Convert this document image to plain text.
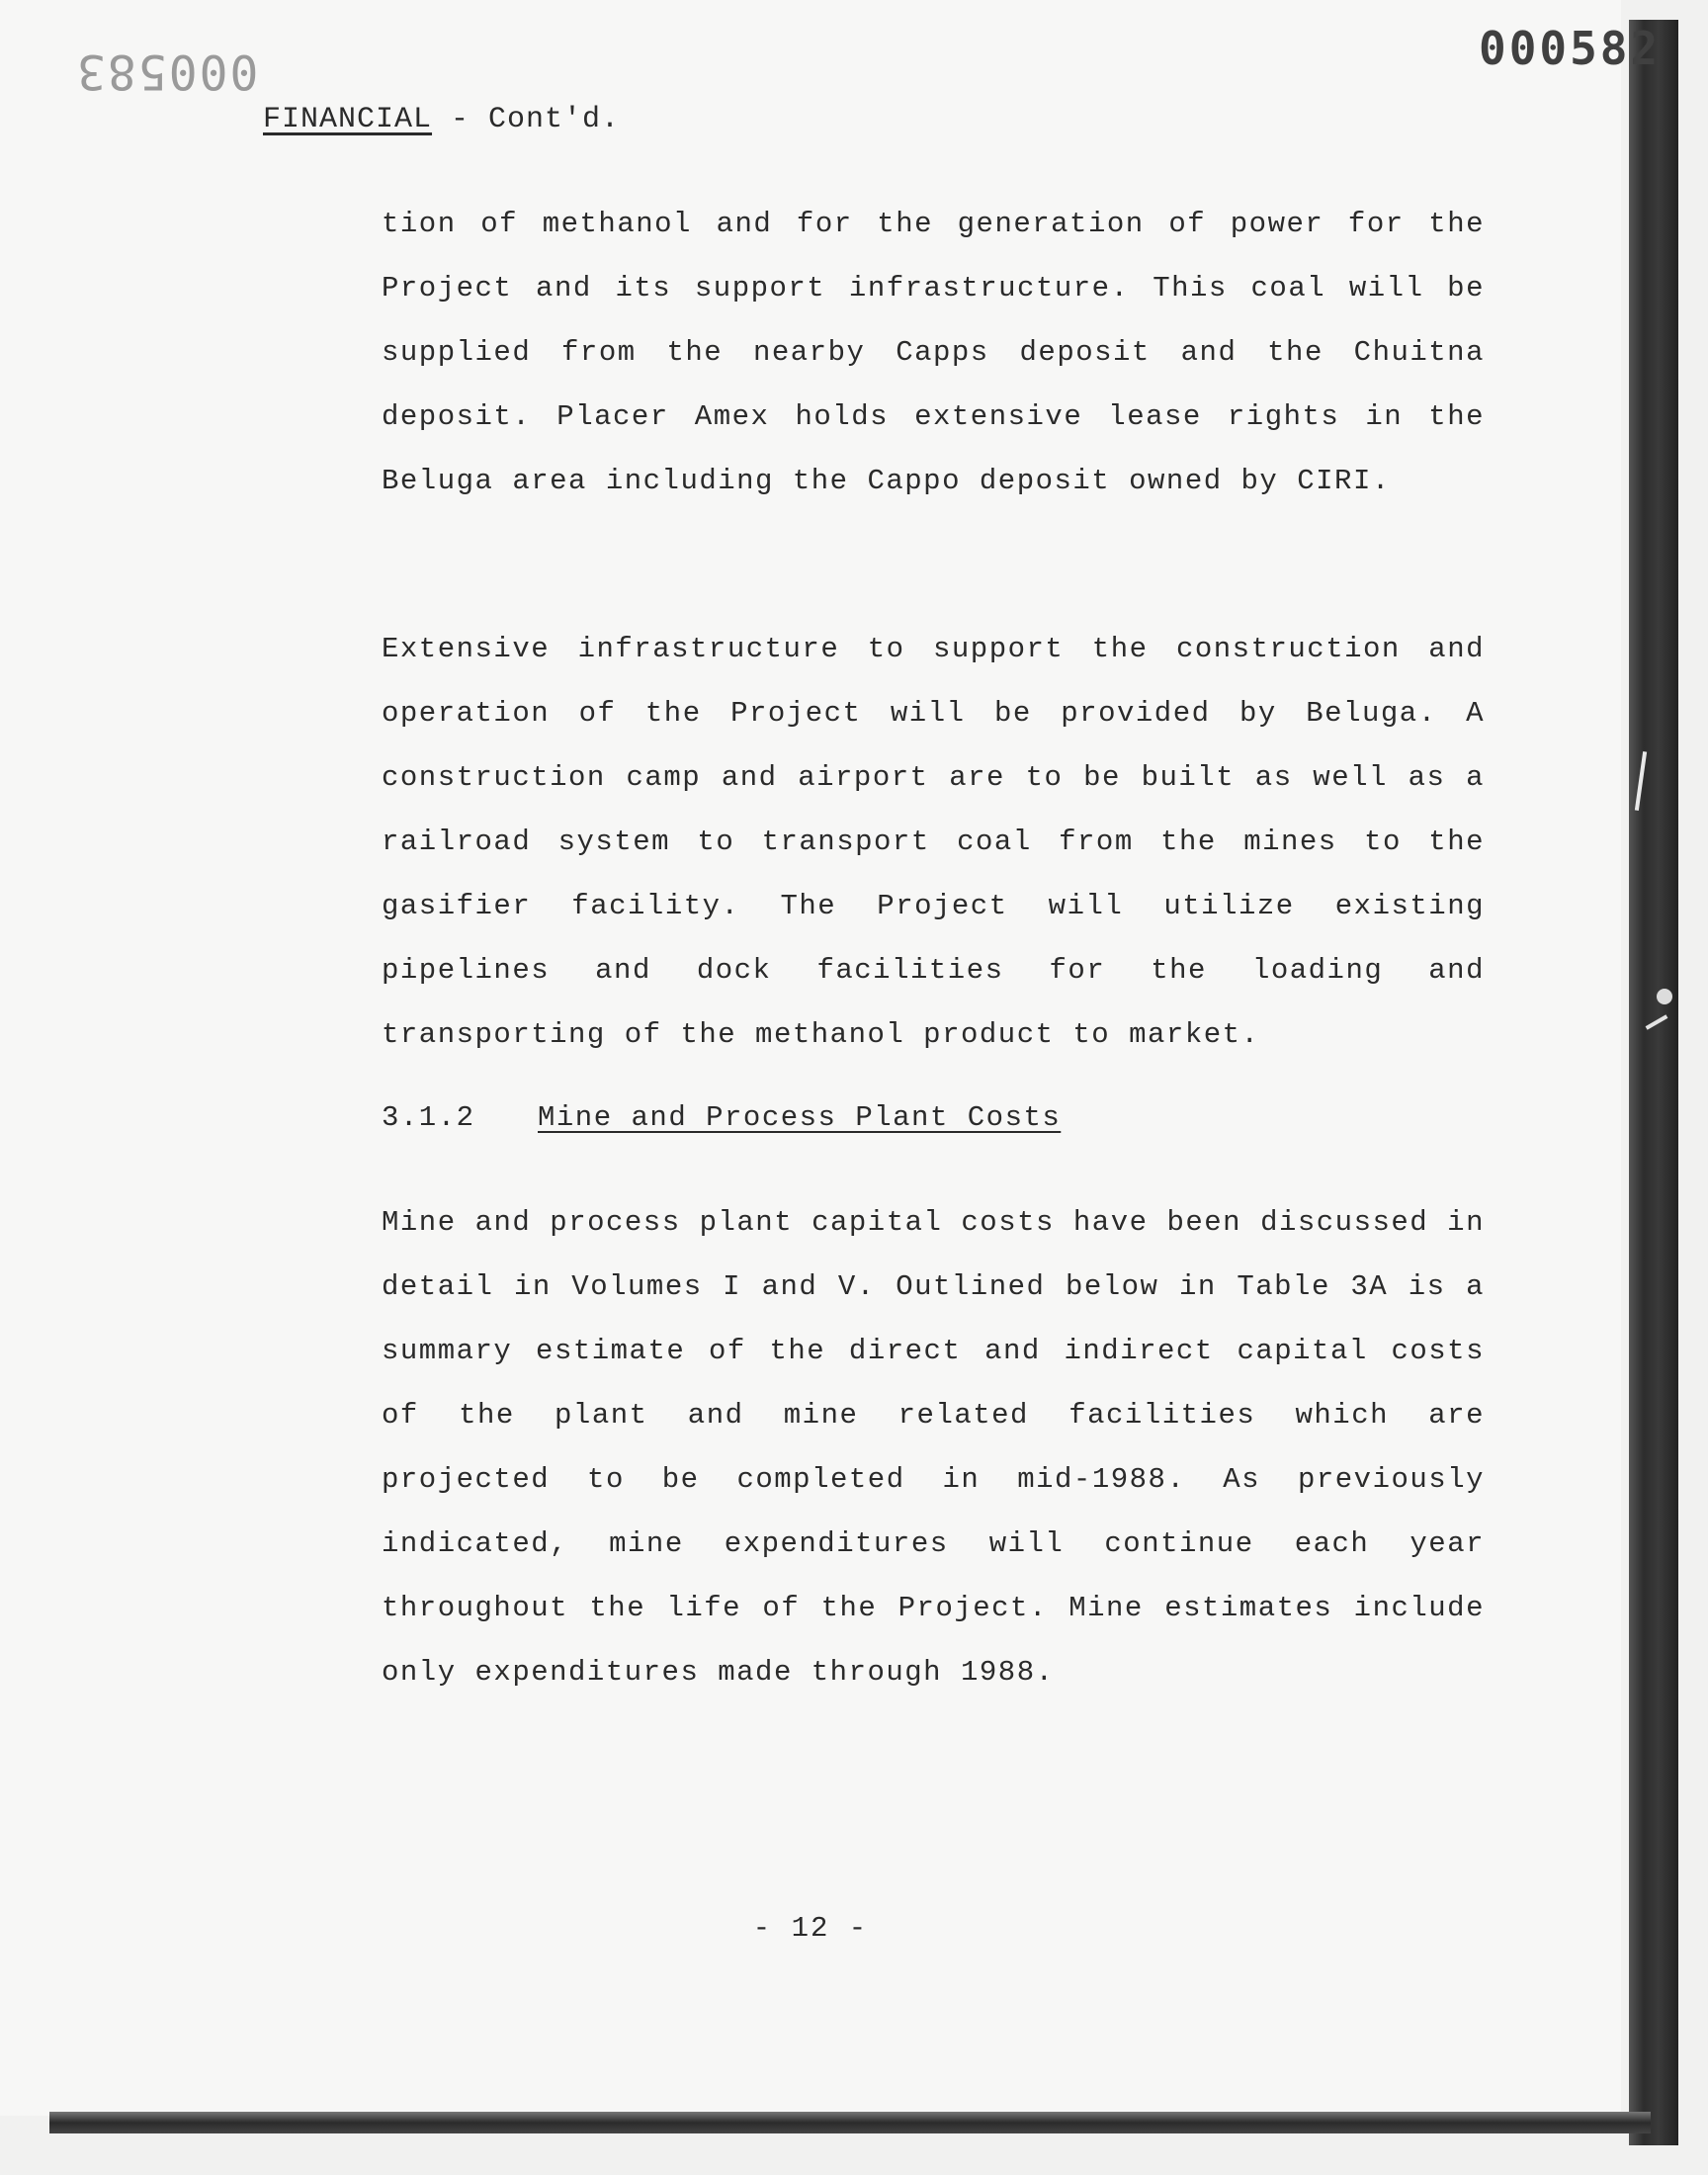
000582
000583
FINANCIAL - Cont'd.
tion of methanol and for the generation of power for the Project and its support infrastructure. This coal will be supplied from the nearby Capps deposit and the Chuitna deposit. Placer Amex holds extensive lease rights in the Beluga area including the Cappo deposit owned by CIRI.
Extensive infrastructure to support the construction and operation of the Project will be provided by Beluga. A construction camp and airport are to be built as well as a railroad system to transport coal from the mines to the gasifier facility. The Project will utilize existing pipelines and dock facilities for the loading and transporting of the methanol product to market.
3.1.2 Mine and Process Plant Costs
Mine and process plant capital costs have been discussed in detail in Volumes I and V. Outlined below in Table 3A is a summary estimate of the direct and indirect capital costs of the plant and mine related facilities which are projected to be completed in mid-1988. As previously indicated, mine expenditures will continue each year throughout the life of the Project. Mine estimates include only expenditures made through 1988.
- 12 -
